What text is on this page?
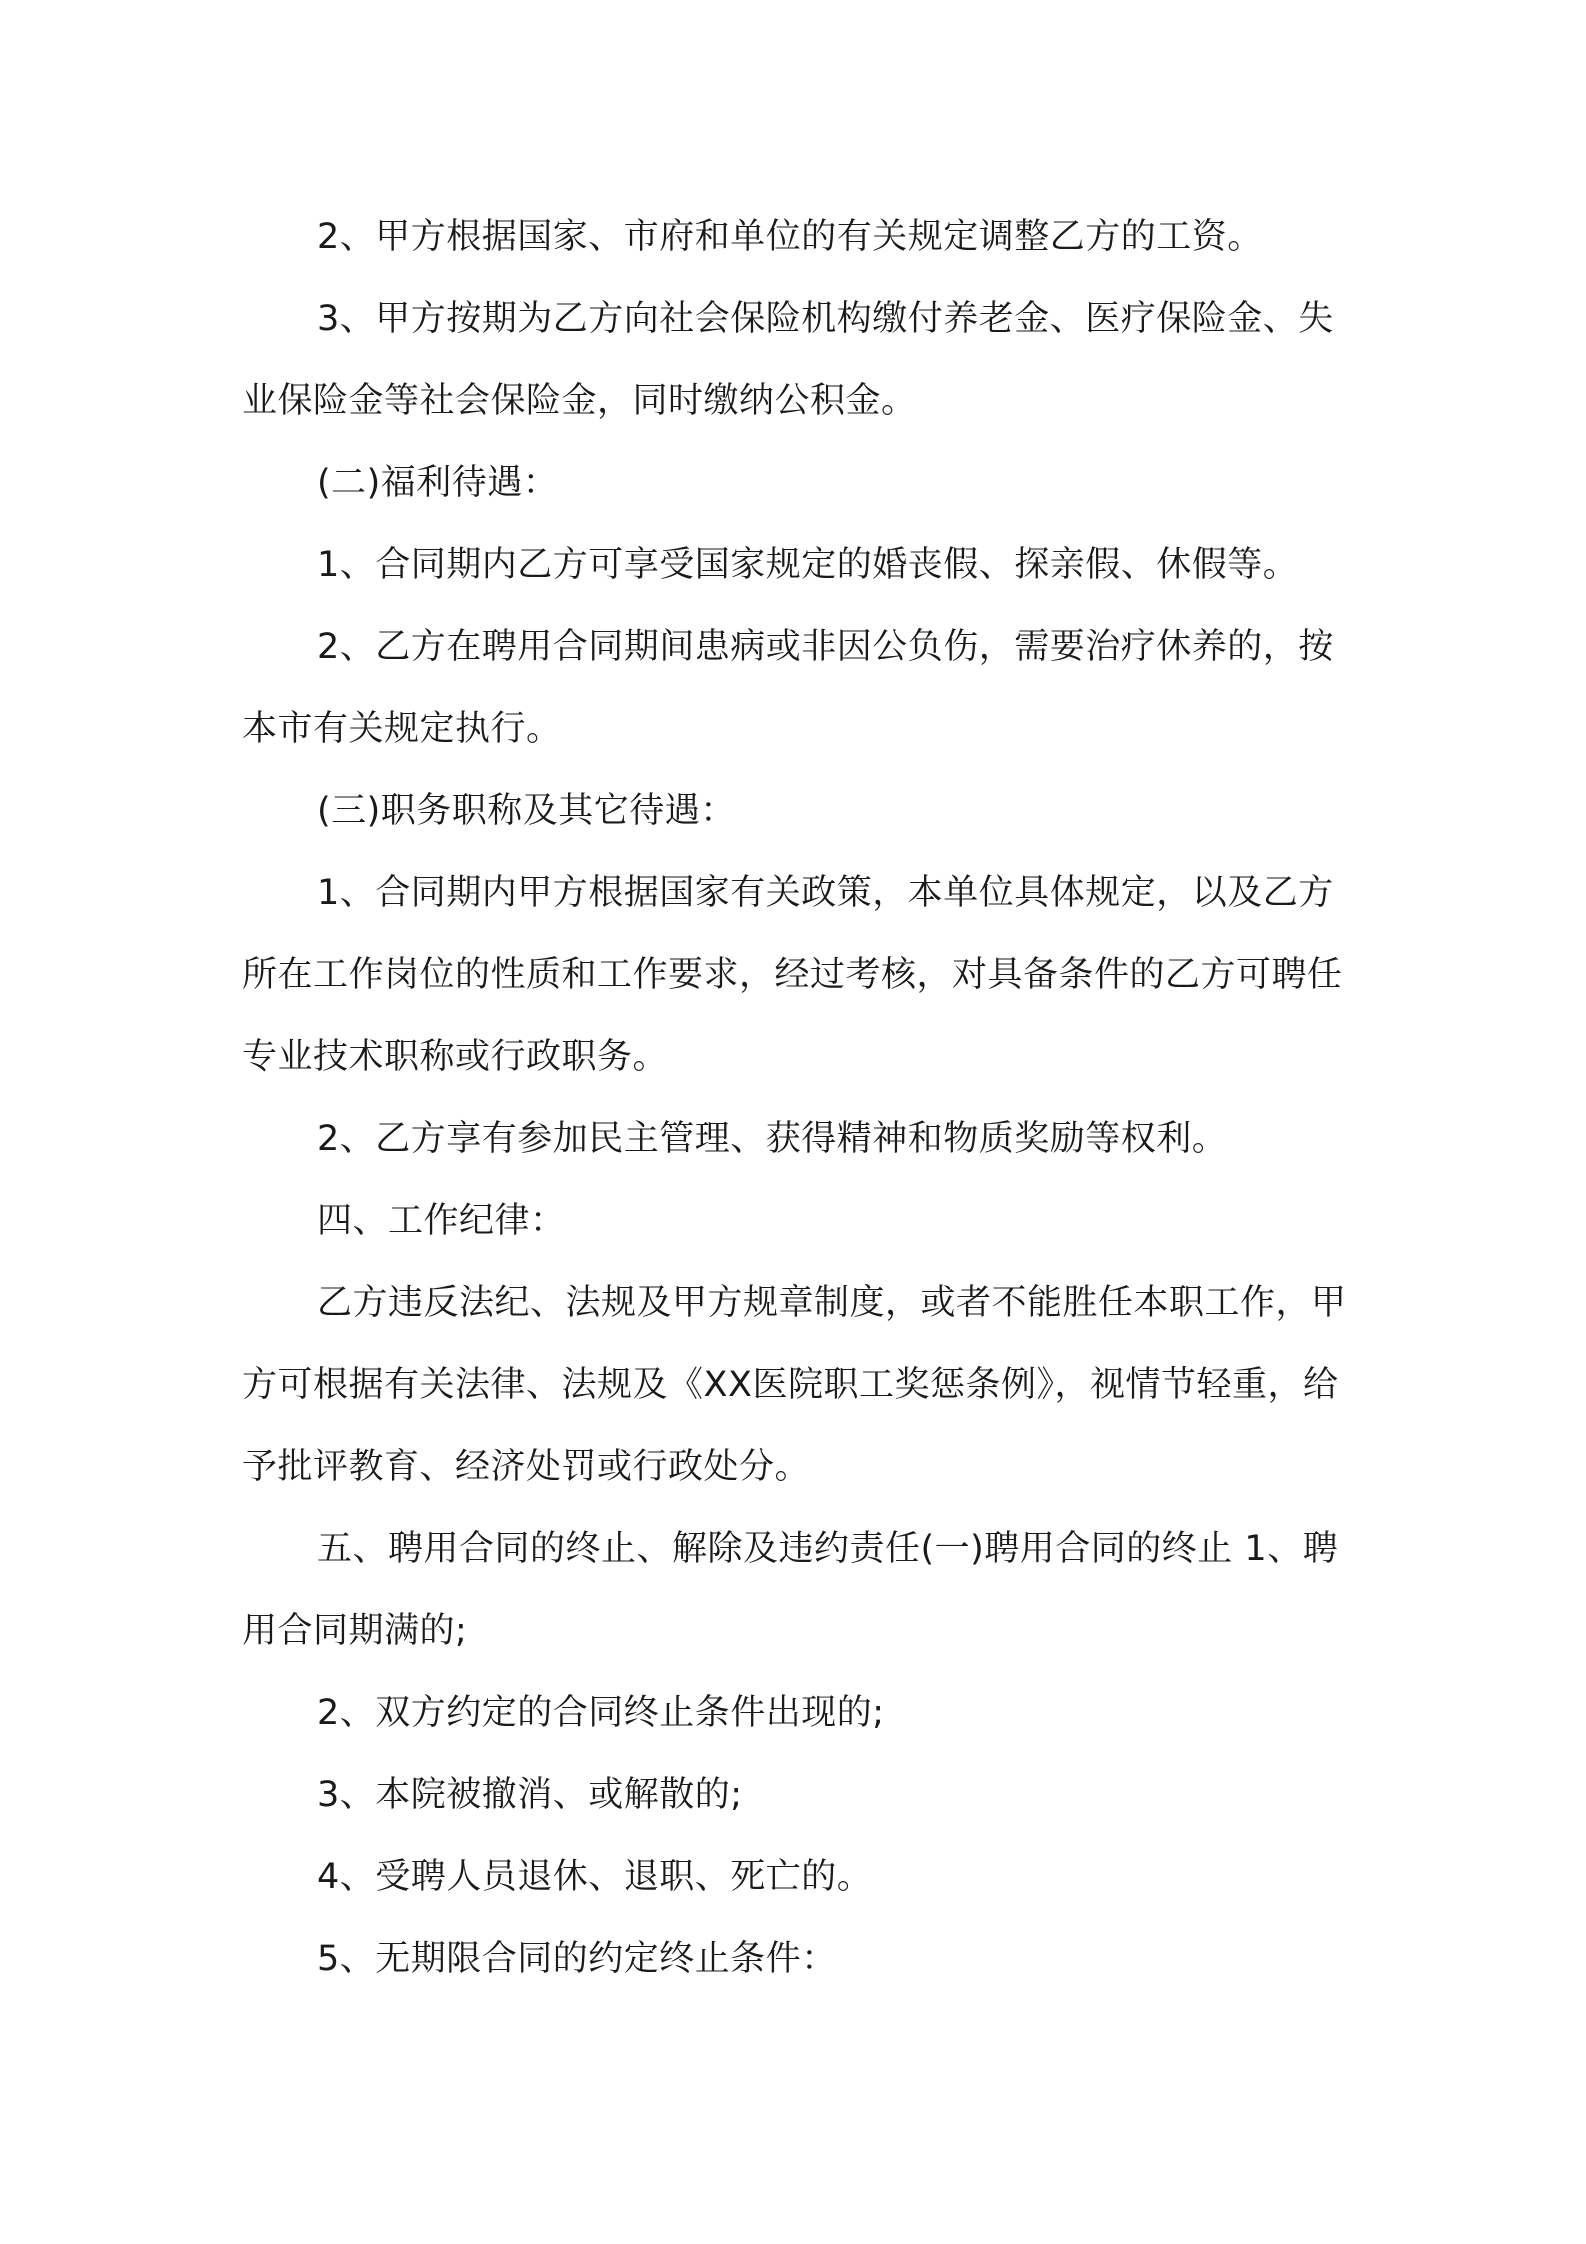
2、甲方根据国家、市府和单位的有关规定调整乙方的工资。

3、甲方按期为乙方向社会保险机构缴付养老金、医疗保险金、失业保险金等社会保险金，同时缴纳公积金。

(二)福利待遇：

1、合同期内乙方可享受国家规定的婚丧假、探亲假、休假等。

2、乙方在聘用合同期间患病或非因公负伤，需要治疗休养的，按本市有关规定执行。

(三)职务职称及其它待遇：

1、合同期内甲方根据国家有关政策，本单位具体规定，以及乙方所在工作岗位的性质和工作要求，经过考核，对具备条件的乙方可聘任专业技术职称或行政职务。

2、乙方享有参加民主管理、获得精神和物质奖励等权利。

四、工作纪律：

乙方违反法纪、法规及甲方规章制度，或者不能胜任本职工作，甲方可根据有关法律、法规及《XX医院职工奖惩条例》，视情节轻重，给予批评教育、经济处罚或行政处分。

五、聘用合同的终止、解除及违约责任(一)聘用合同的终止 1、聘用合同期满的;

2、双方约定的合同终止条件出现的;

3、本院被撤消、或解散的;

4、受聘人员退休、退职、死亡的。

5、无期限合同的约定终止条件：
